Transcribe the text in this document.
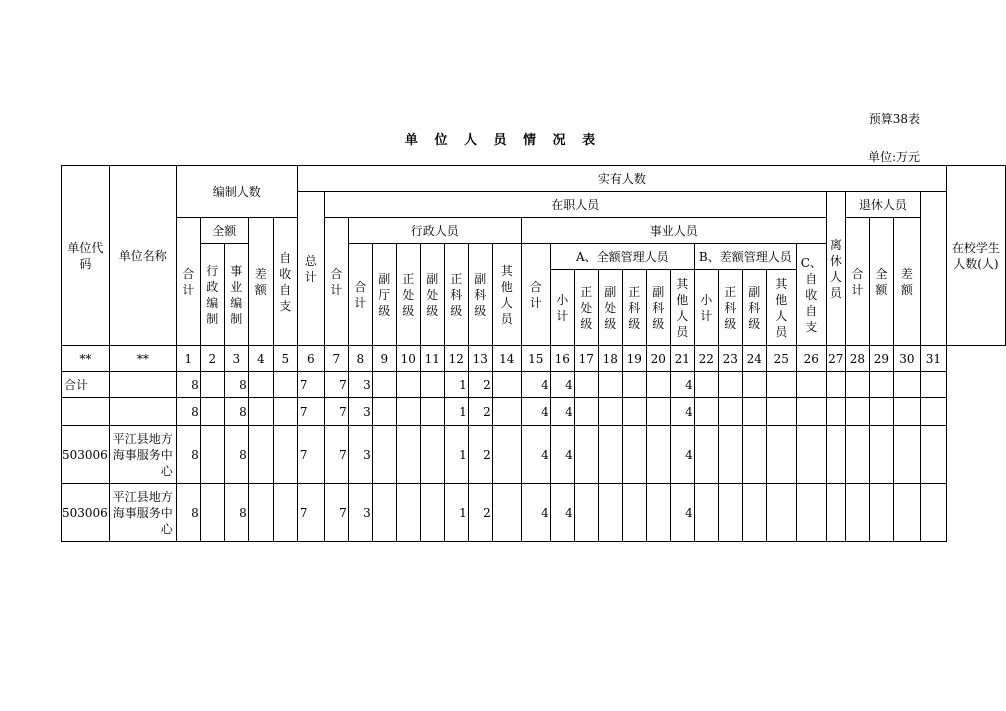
预算38表
单 位 人 员 情 况 表
单位:万元
单位代码	单位名称	编制人数					实有人数																										在校学生人数(人)
							总计	在职人员																				离休人员	退休人员				
		合计	全额		差额	自收自支		合计	行政人员							事业人员													合计	全额	差额		
			行政编制	事业编制					合计	副厅级	正处级	副处级	正科级	副科级	其他人员	合计	A、全额管理人员						B、差额管理人员				C、自收自支						
																	小计	正处级	副处级	正科级	副科级	其他人员	小计	正科级	副科级	其他人员							
**	**	1	2	3	4	5	6	7	8	9	10	11	12	13	14	15	16	17	18	19	20	21	22	23	24	25	26	27	28	29	30	31	
合计		8		8			7	7	3				1	2		4	4					4											
		8		8			7	7	3				1	2		4	4					4											
503006	平江县地方海事服务中心	8		8			7	7	3				1	2		4	4					4											
503006	平江县地方海事服务中心	8		8			7	7	3				1	2		4	4					4											
